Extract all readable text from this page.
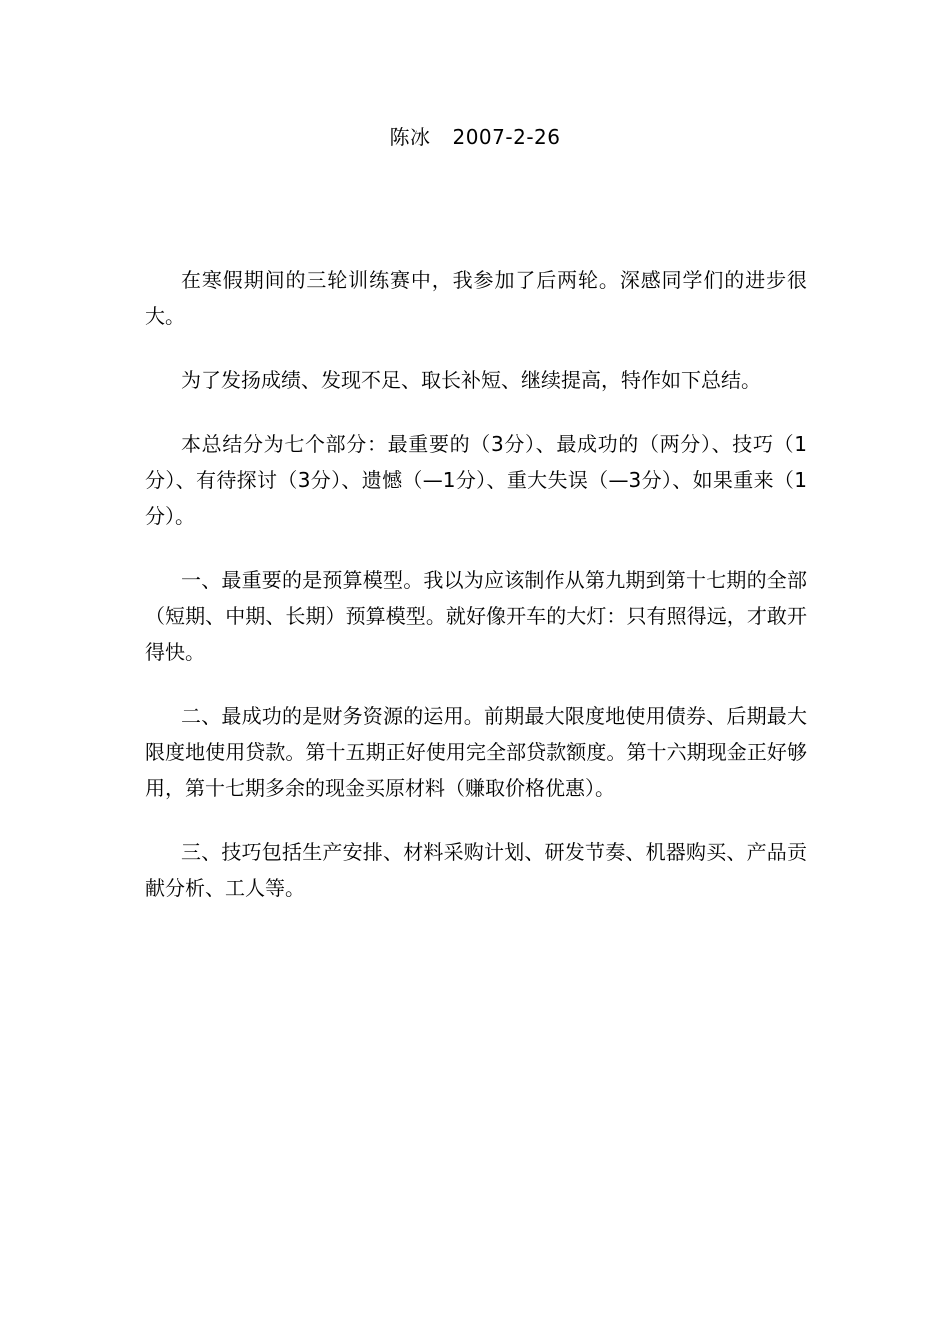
陈冰 2007-2-26

在寒假期间的三轮训练赛中，我参加了后两轮。深感同学们的进步很大。

为了发扬成绩、发现不足、取长补短、继续提高，特作如下总结。

本总结分为七个部分：最重要的（3分）、最成功的（两分）、技巧（1分）、有待探讨（3分）、遗憾（—1分）、重大失误（—3分）、如果重来（1分）。

一、最重要的是预算模型。我以为应该制作从第九期到第十七期的全部（短期、中期、长期）预算模型。就好像开车的大灯：只有照得远，才敢开得快。

二、最成功的是财务资源的运用。前期最大限度地使用债券、后期最大限度地使用贷款。第十五期正好使用完全部贷款额度。第十六期现金正好够用，第十七期多余的现金买原材料（赚取价格优惠）。

三、技巧包括生产安排、材料采购计划、研发节奏、机器购买、产品贡献分析、工人等。
